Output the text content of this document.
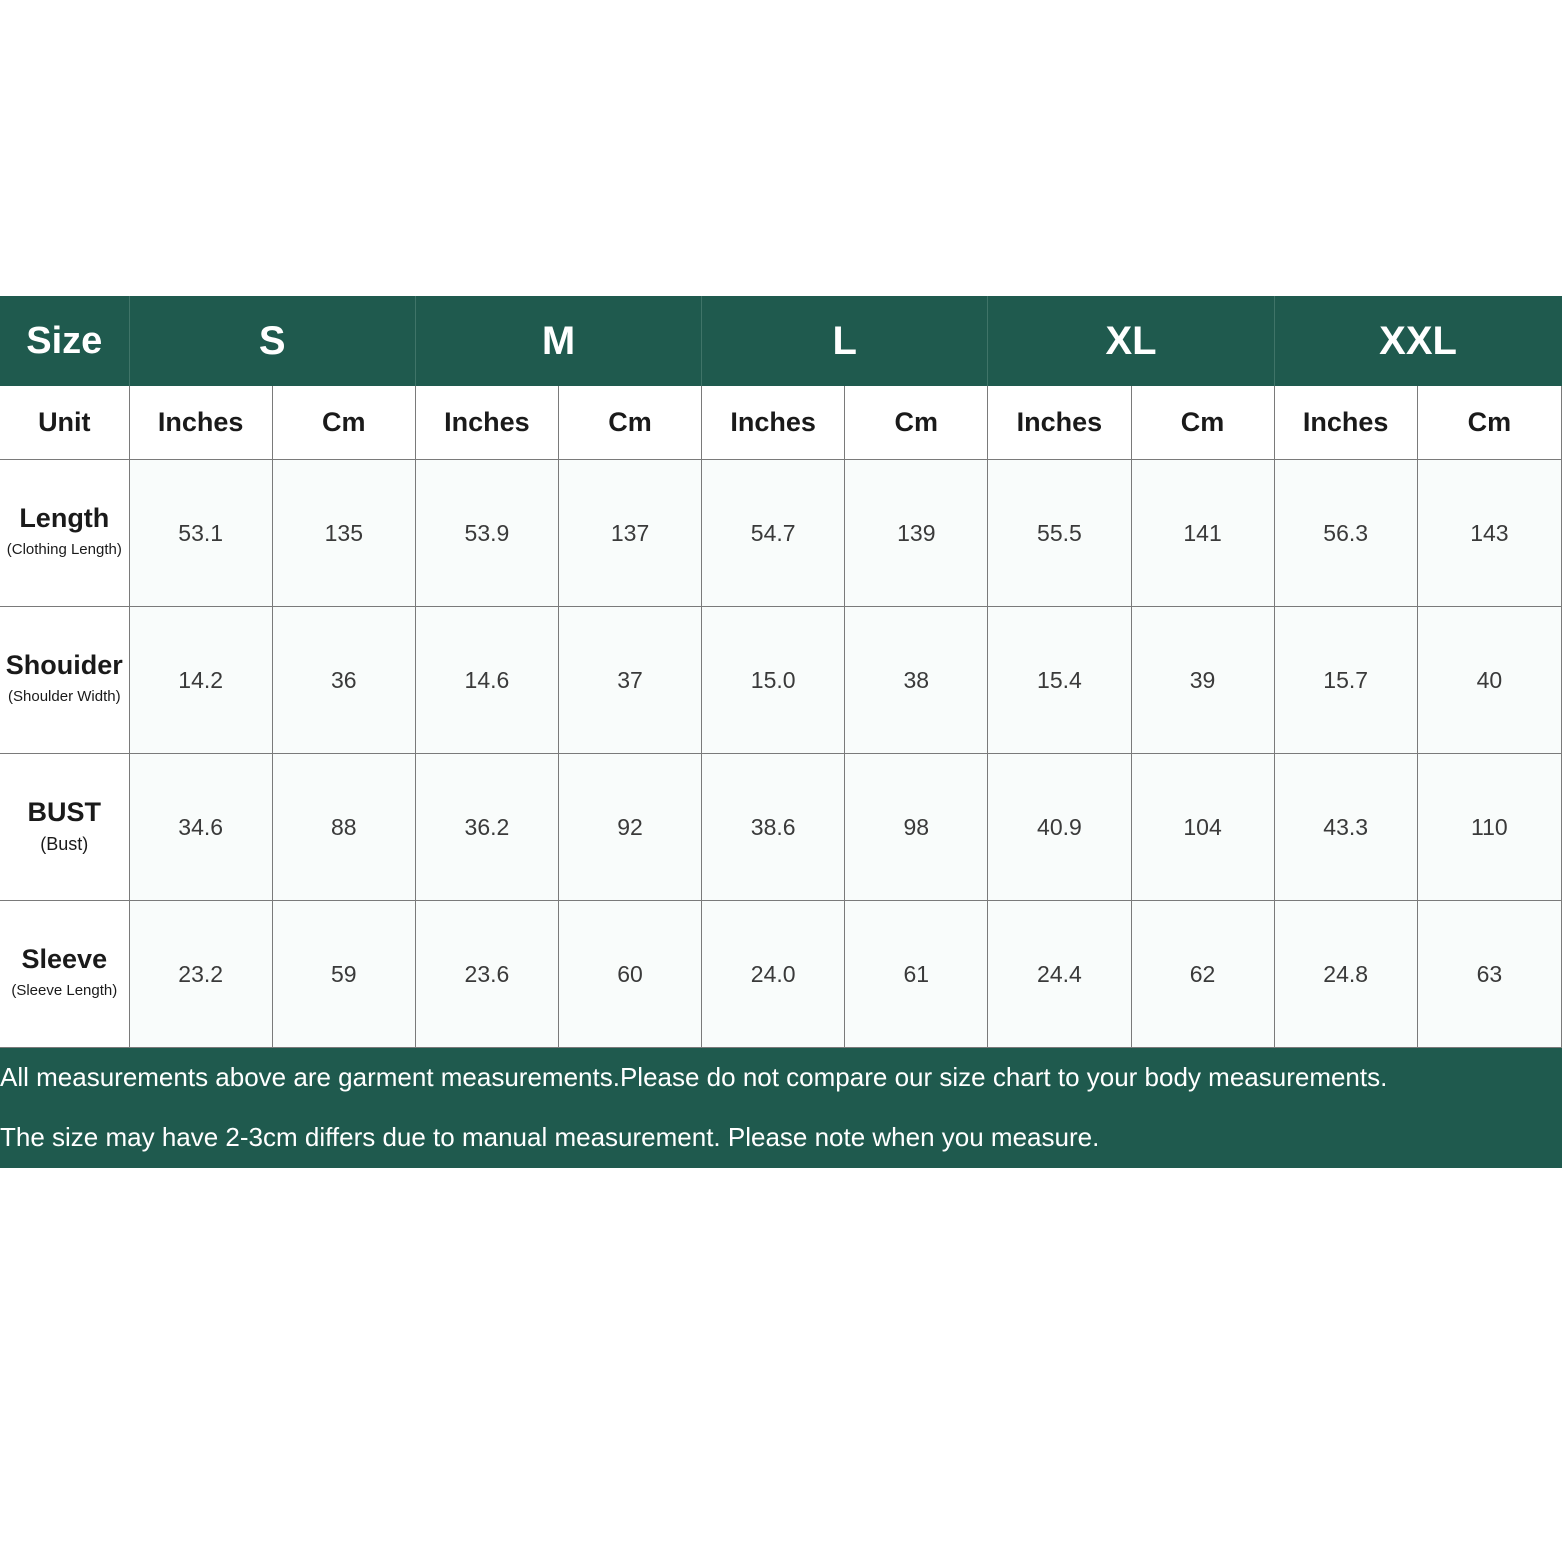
Size	S		M		L		XL		XXL	
Unit	Inches	Cm	Inches	Cm	Inches	Cm	Inches	Cm	Inches	Cm

Length
(Clothing Length)	53.1	135	53.9	137	54.7	139	55.5	141	56.3	143

Shouider
(Shoulder Width)	14.2	36	14.6	37	15.0	38	15.4	39	15.7	40

BUST
(Bust)	34.6	88	36.2	92	38.6	98	40.9	104	43.3	110

Sleeve
(Sleeve Length)	23.2	59	23.6	60	24.0	61	24.4	62	24.8	63
All measurements above are garment measurements.Please do not compare our size chart to your body measurements.
The size may have 2-3cm differs due to manual measurement. Please note when you measure.
